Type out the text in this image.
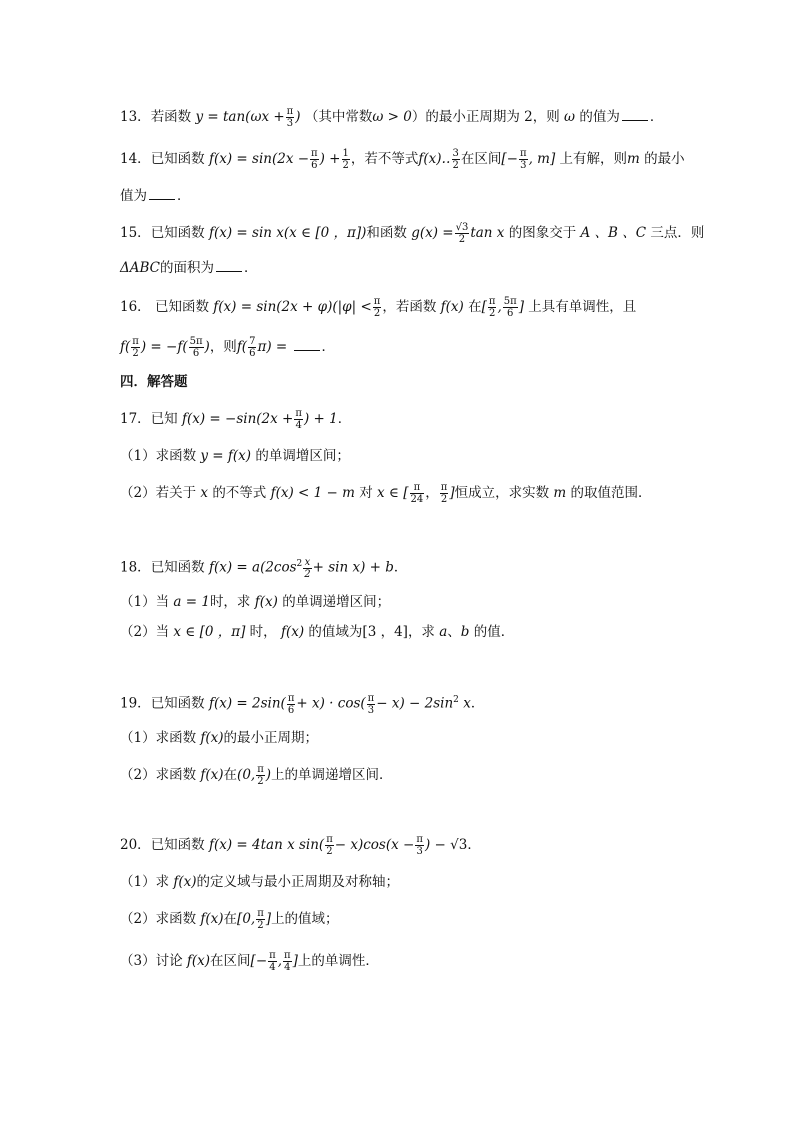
13．若函数 $y = \tan(\omega x + \frac{\pi}{3}$ ) （其中常数ω > 0）的最小正周期为 2，则 ω 的值为 ．
14．已知函数 $f(x) = \sin(2x - \frac{\pi}{6}$ ) + $\frac{1}{2}$ ，若不等式f(x)‥ $\frac{3}{2}$ 在区间[− $\frac{\pi}{3}$ , m] 上有解，则m 的最小
值为 ．
15．已知函数 f(x) = sin x(x ∈ [0 ，π])和函数 $g(x) = \frac{√3}{2}$ tan x 的图象交于 A 、B 、C 三点．则
ΔABC的面积为 ．
16． 已知函数 $f(x) = \sin(2x + \varphi)(|\varphi| < \frac{\pi}{2}$ ，若函数 f(x) 在[ $\frac{\pi}{2}$ , $\frac{5\pi}{6}$ ] 上具有单调性，且
$f( \frac{\pi}{2}$ ) = $-f( \frac{5\pi}{6}$ )，则$f( \frac{7}{6} \pi)$ =	．
四．解答题
17．已知 $f(x) = -\sin(2x + \frac{\pi}{4}$ ) + 1．
（1）求函数 y = f(x) 的单调增区间；
（2）若关于 x 的不等式 f(x) < 1 − m 对 x ∈ [ $\frac{\pi}{24}$ ， $\frac{\pi}{2}$ ]恒成立，求实数 m 的取值范围．
18．已知函数 $f(x) = a(2\cos^2 \frac{x}{2} + \sin x) + b$．
（1）当 a = 1时，求 f(x) 的单调递增区间；
（2）当 x ∈ [0 ，π] 时， f(x) 的值域为[3 ，4]，求 a、b 的值．
19．已知函数 $f(x) = 2\sin( \frac{\pi}{6} + x) \cdot \cos( \frac{\pi}{3} - x) - 2\sin^2$ x．
（1）求函数 f(x)的最小正周期；
（2）求函数 f(x)在(0, $\frac{\pi}{2}$ )上的单调递增区间．
20．已知函数 f(x) = 4tan x $\sin( \frac{\pi}{2} - x)\cos(x - \frac{\pi}{3}$ ) − √3．
（1）求 f(x)的定义域与最小正周期及对称轴；
（2）求函数 f(x)在[0, $\frac{\pi}{2}$ ]上的值域；
（3）讨论 f(x)在区间[− $\frac{\pi}{4}$ , $\frac{\pi}{4}$ ]上的单调性．
